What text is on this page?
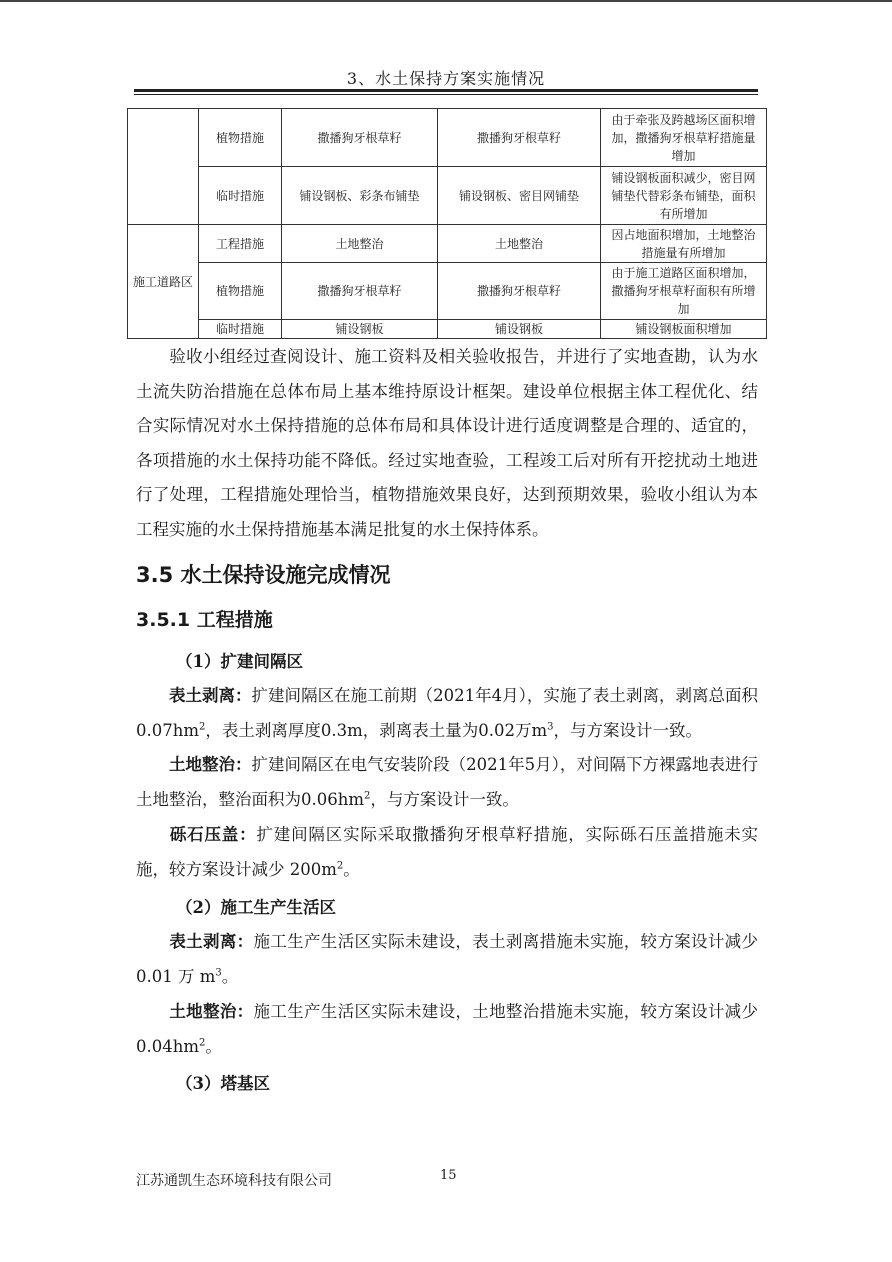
3、水土保持方案实施情况
	植物措施	撒播狗牙根草籽	撒播狗牙根草籽	由于牵张及跨越场区面积增加，撒播狗牙根草籽措施量增加
	临时措施	铺设钢板、彩条布铺垫	铺设钢板、密目网铺垫	铺设钢板面积减少，密目网铺垫代替彩条布铺垫，面积有所增加
施工道路区	工程措施	土地整治	土地整治	因占地面积增加，土地整治措施量有所增加
	植物措施	撒播狗牙根草籽	撒播狗牙根草籽	由于施工道路区面积增加，撒播狗牙根草籽面积有所增加
	临时措施	铺设钢板	铺设钢板	铺设钢板面积增加
验收小组经过查阅设计、施工资料及相关验收报告，并进行了实地查勘，认为水土流失防治措施在总体布局上基本维持原设计框架。建设单位根据主体工程优化、结合实际情况对水土保持措施的总体布局和具体设计进行适度调整是合理的、适宜的，各项措施的水土保持功能不降低。经过实地查验，工程竣工后对所有开挖扰动土地进行了处理，工程措施处理恰当，植物措施效果良好，达到预期效果，验收小组认为本工程实施的水土保持措施基本满足批复的水土保持体系。
3.5 水土保持设施完成情况
3.5.1 工程措施
（1）扩建间隔区
表土剥离：扩建间隔区在施工前期（2021年4月），实施了表土剥离，剥离总面积$0.07hm^2$，表土剥离厚度0.3m，剥离表土量为0.02万$m^3$，与方案设计一致。
土地整治：扩建间隔区在电气安装阶段（2021年5月），对间隔下方裸露地表进行土地整治，整治面积为$0.06hm^2$，与方案设计一致。
砾石压盖：扩建间隔区实际采取撒播狗牙根草籽措施，实际砾石压盖措施未实施，较方案设计减少 $200m^2$。
（2）施工生产生活区
表土剥离：施工生产生活区实际未建设，表土剥离措施未实施，较方案设计减少 0.01 万 $m^3$。
土地整治：施工生产生活区实际未建设，土地整治措施未实施，较方案设计减少$0.04hm^2$。
（3）塔基区
江苏通凯生态环境科技有限公司	15
